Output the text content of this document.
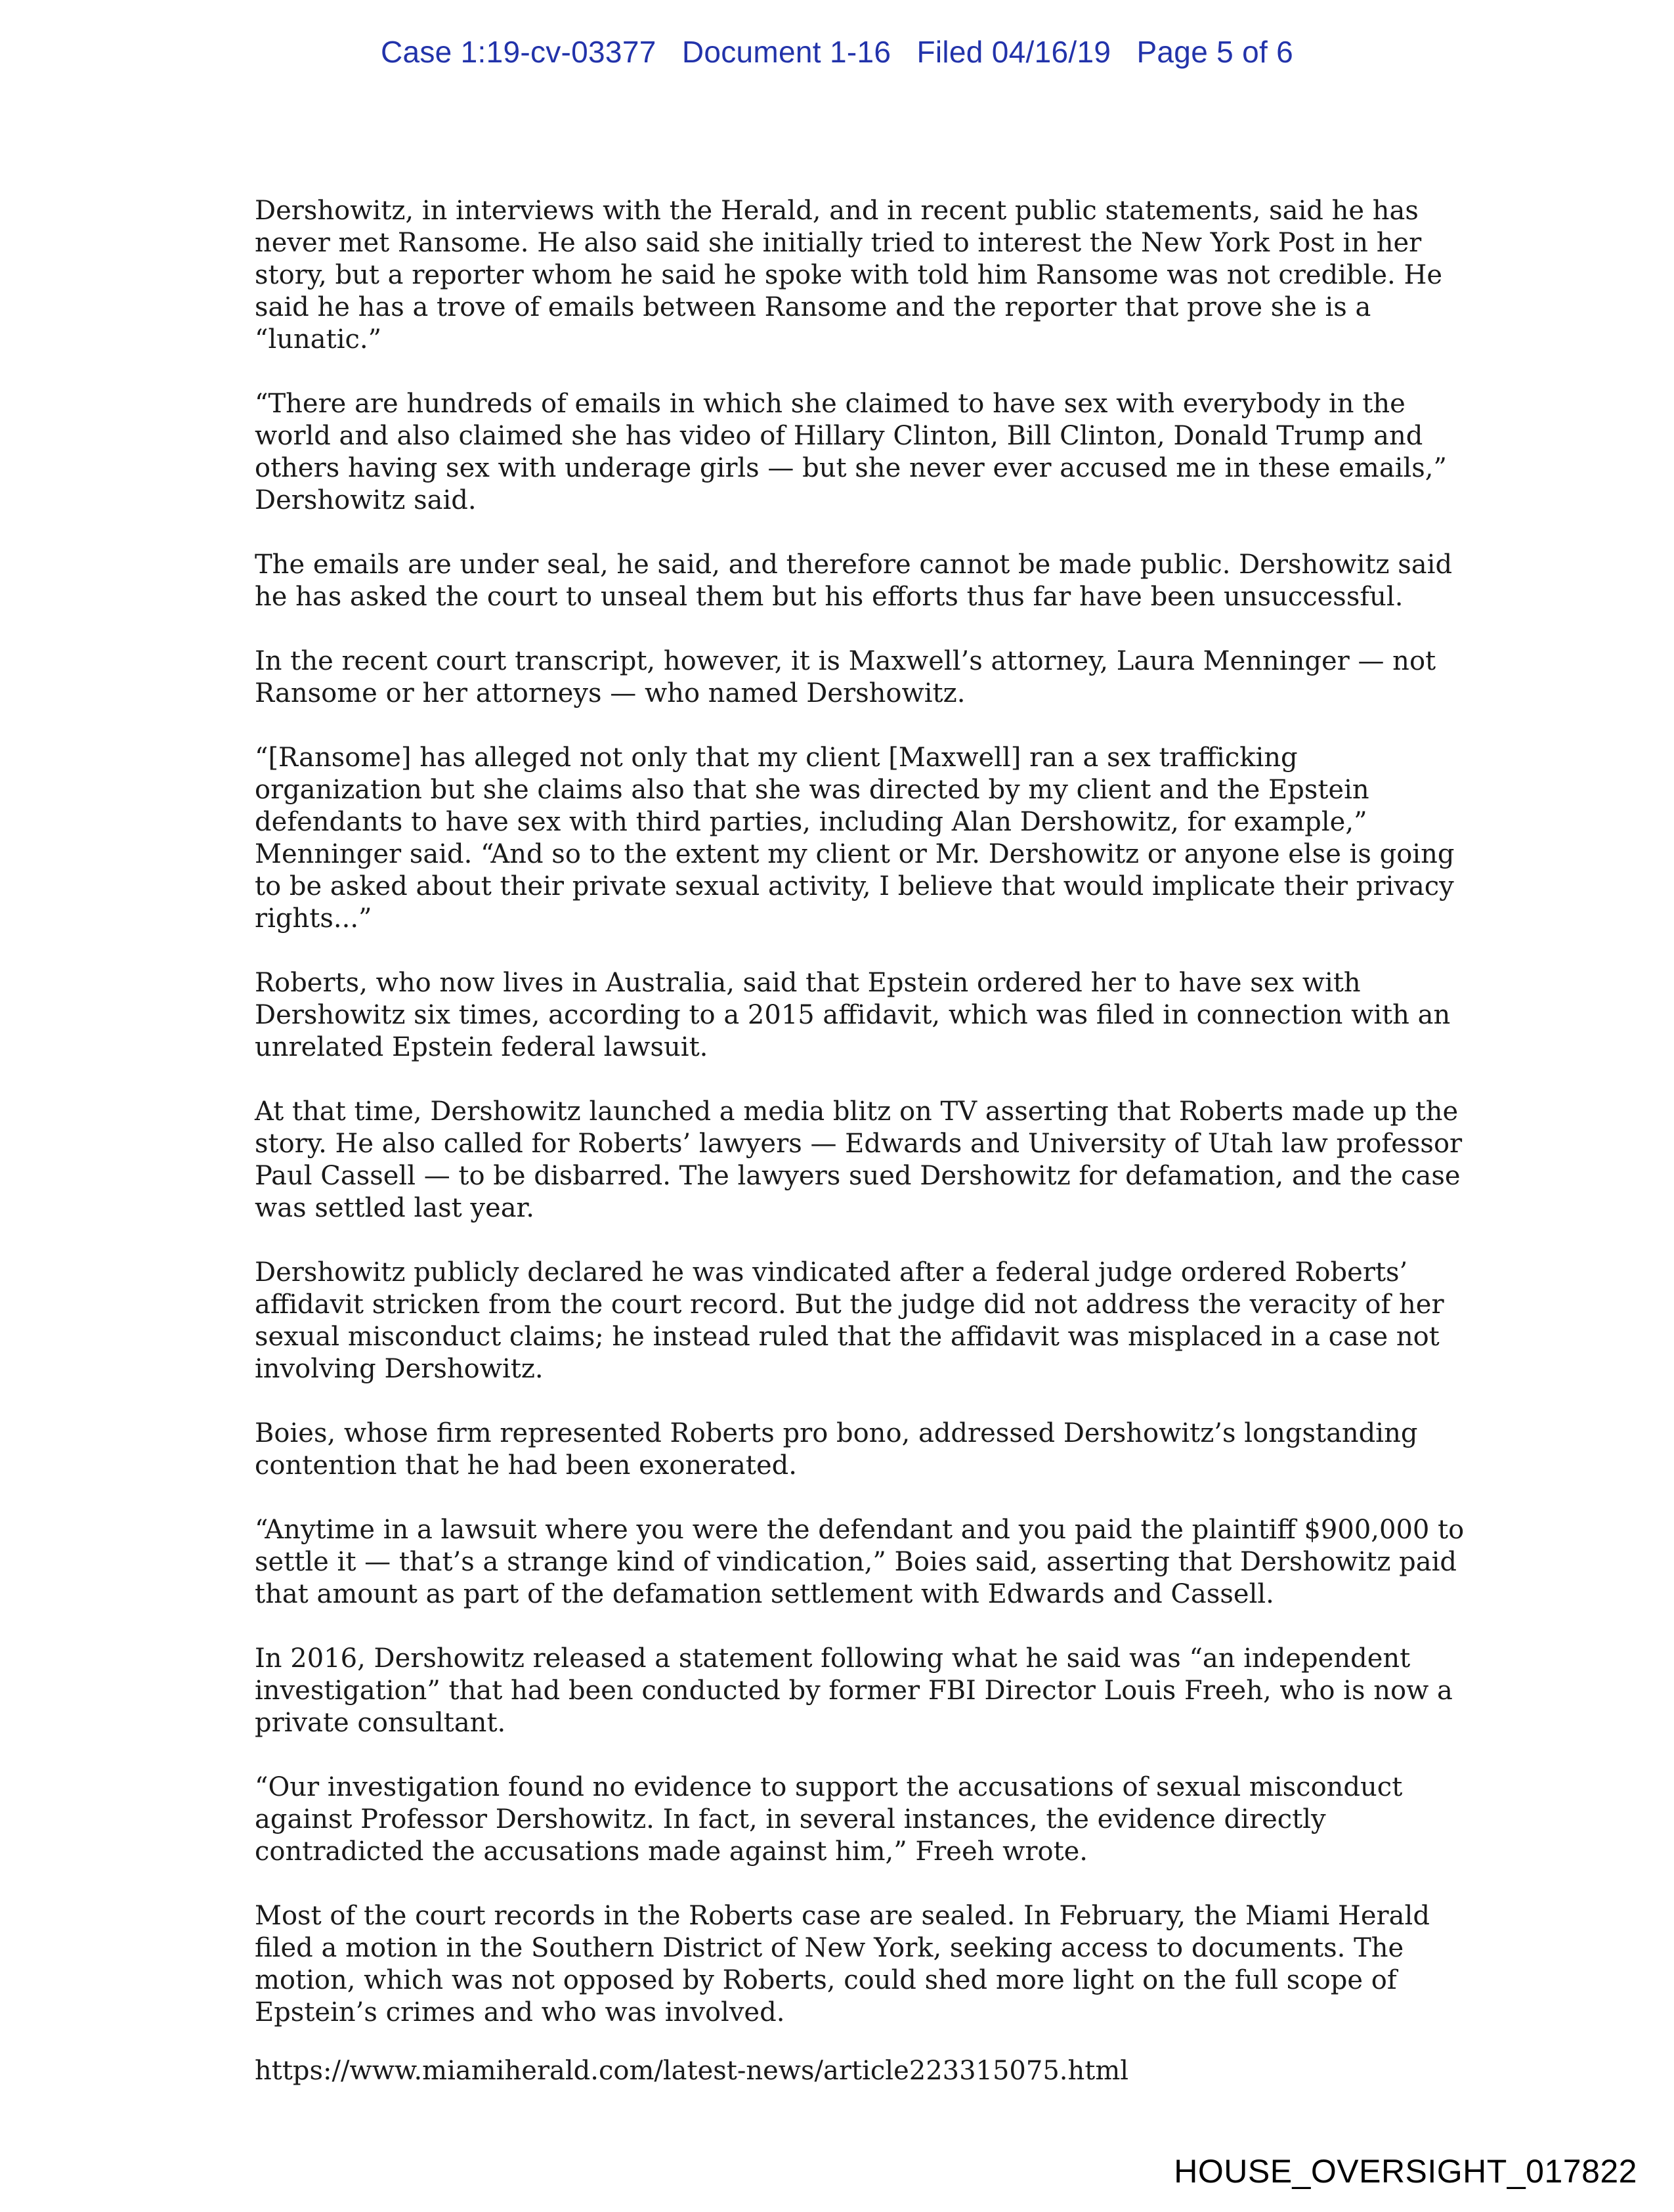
Case 1:19-cv-03377   Document 1-16   Filed 04/16/19   Page 5 of 6

Dershowitz, in interviews with the Herald, and in recent public statements, said he has never met Ransome. He also said she initially tried to interest the New York Post in her story, but a reporter whom he said he spoke with told him Ransome was not credible. He said he has a trove of emails between Ransome and the reporter that prove she is a “lunatic.”

“There are hundreds of emails in which she claimed to have sex with everybody in the world and also claimed she has video of Hillary Clinton, Bill Clinton, Donald Trump and others having sex with underage girls — but she never ever accused me in these emails,” Dershowitz said.

The emails are under seal, he said, and therefore cannot be made public. Dershowitz said he has asked the court to unseal them but his efforts thus far have been unsuccessful.

In the recent court transcript, however, it is Maxwell’s attorney, Laura Menninger — not Ransome or her attorneys — who named Dershowitz.

“[Ransome] has alleged not only that my client [Maxwell] ran a sex trafficking organization but she claims also that she was directed by my client and the Epstein defendants to have sex with third parties, including Alan Dershowitz, for example,” Menninger said. “And so to the extent my client or Mr. Dershowitz or anyone else is going to be asked about their private sexual activity, I believe that would implicate their privacy rights...”

Roberts, who now lives in Australia, said that Epstein ordered her to have sex with Dershowitz six times, according to a 2015 affidavit, which was filed in connection with an unrelated Epstein federal lawsuit.

At that time, Dershowitz launched a media blitz on TV asserting that Roberts made up the story. He also called for Roberts’ lawyers — Edwards and University of Utah law professor Paul Cassell — to be disbarred. The lawyers sued Dershowitz for defamation, and the case was settled last year.

Dershowitz publicly declared he was vindicated after a federal judge ordered Roberts’ affidavit stricken from the court record. But the judge did not address the veracity of her sexual misconduct claims; he instead ruled that the affidavit was misplaced in a case not involving Dershowitz.

Boies, whose firm represented Roberts pro bono, addressed Dershowitz’s longstanding contention that he had been exonerated.

“Anytime in a lawsuit where you were the defendant and you paid the plaintiff $900,000 to settle it — that’s a strange kind of vindication,” Boies said, asserting that Dershowitz paid that amount as part of the defamation settlement with Edwards and Cassell.

In 2016, Dershowitz released a statement following what he said was “an independent investigation” that had been conducted by former FBI Director Louis Freeh, who is now a private consultant.

“Our investigation found no evidence to support the accusations of sexual misconduct against Professor Dershowitz. In fact, in several instances, the evidence directly contradicted the accusations made against him,” Freeh wrote.

Most of the court records in the Roberts case are sealed. In February, the Miami Herald filed a motion in the Southern District of New York, seeking access to documents. The motion, which was not opposed by Roberts, could shed more light on the full scope of Epstein’s crimes and who was involved.

https://www.miamiherald.com/latest-news/article223315075.html
HOUSE_OVERSIGHT_017822
